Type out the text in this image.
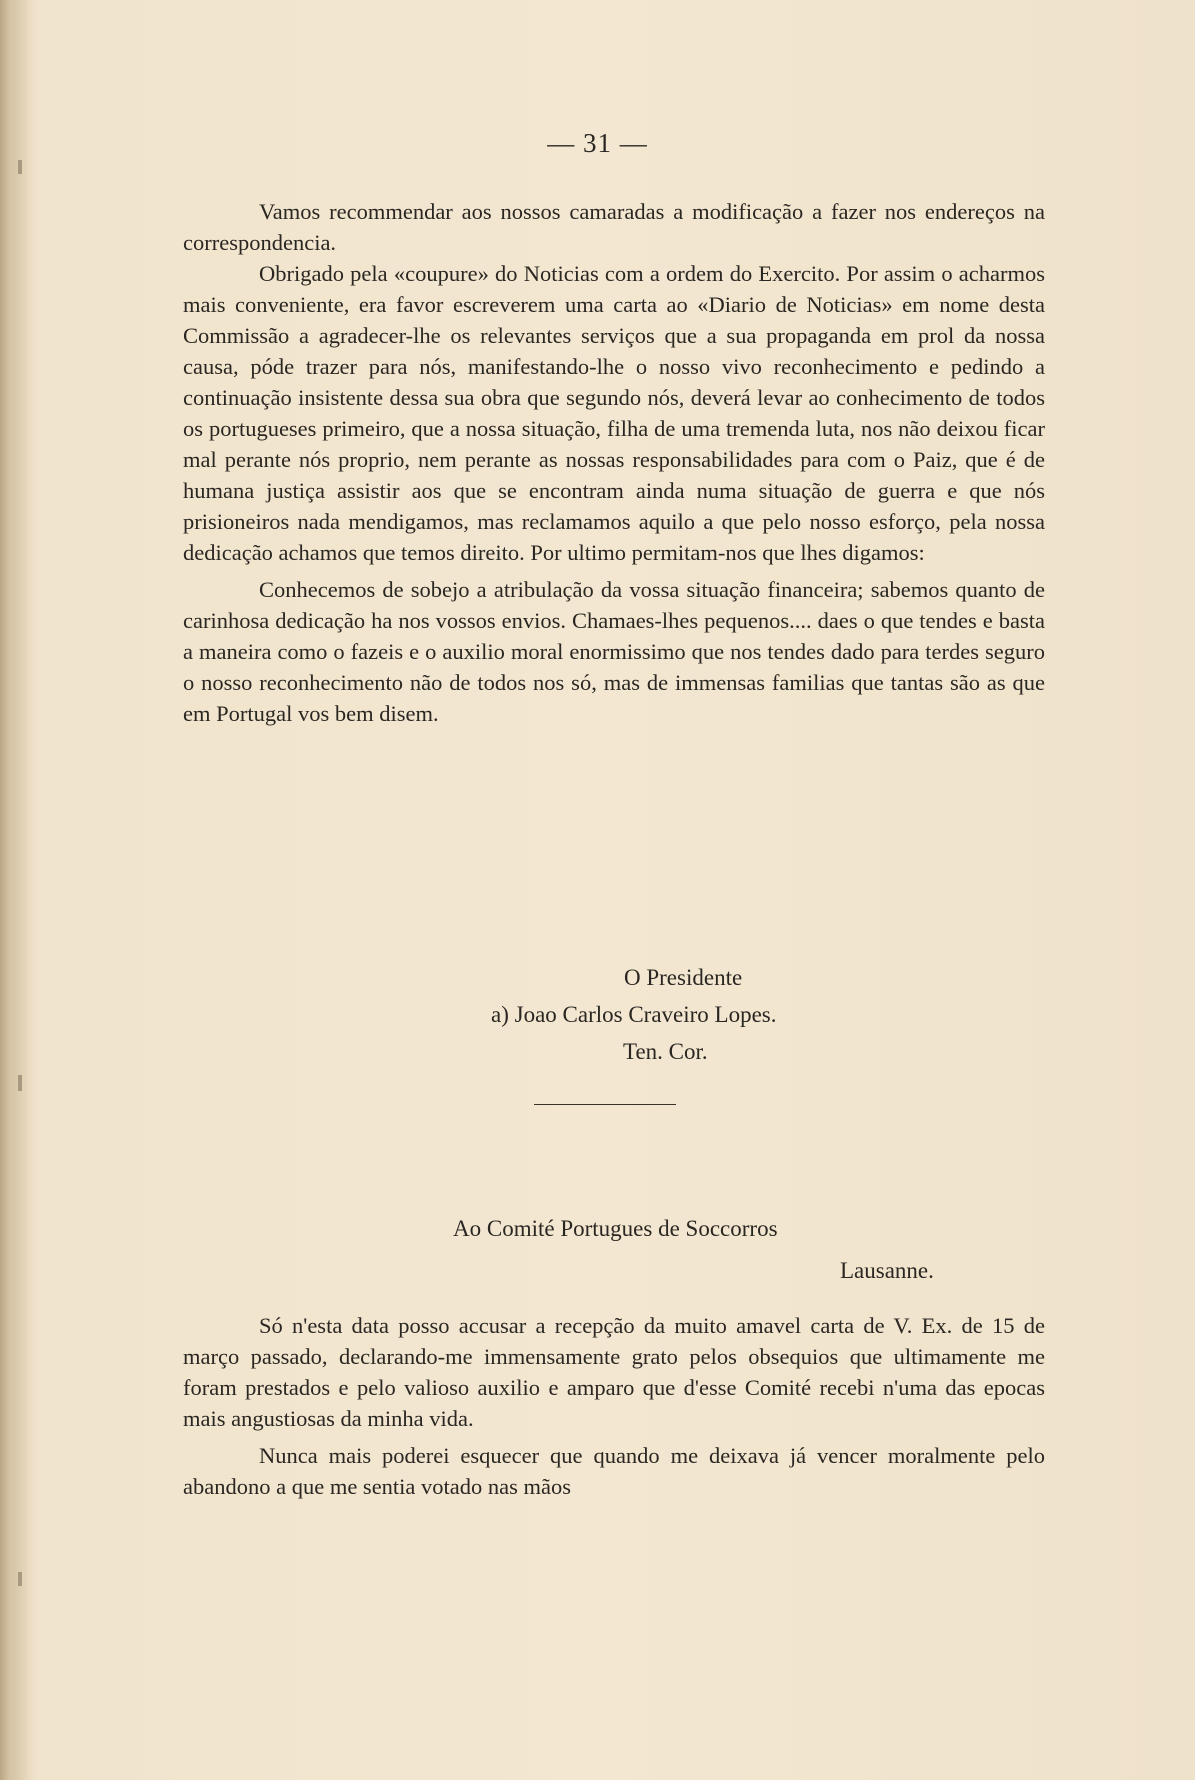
— 31 —

Vamos recommendar aos nossos camaradas a modificação a fazer nos endereços na correspondencia.

Obrigado pela «coupure» do Noticias com a ordem do Exercito. Por assim o acharmos mais conveniente, era favor escreverem uma carta ao «Diario de Noticias» em nome desta Commissão a agradecer-lhe os relevantes serviços que a sua propaganda em prol da nossa causa, póde trazer para nós, manifestando-lhe o nosso vivo reconhecimento e pedindo a continuação insistente dessa sua obra que segundo nós, deverá levar ao conhecimento de todos os portugueses primeiro, que a nossa situação, filha de uma tremenda luta, nos não deixou ficar mal perante nós proprio, nem perante as nossas responsabilidades para com o Paiz, que é de humana justiça assistir aos que se encontram ainda numa situação de guerra e que nós prisioneiros nada mendigamos, mas reclamamos aquilo a que pelo nosso esforço, pela nossa dedicação achamos que temos direito. Por ultimo permitam-nos que lhes digamos:

Conhecemos de sobejo a atribulação da vossa situação financeira; sabemos quanto de carinhosa dedicação ha nos vossos envios. Chamaes-lhes pequenos.... daes o que tendes e basta a maneira como o fazeis e o auxilio moral enormissimo que nos tendes dado para terdes seguro o nosso reconhecimento não de todos nos só, mas de immensas familias que tantas são as que em Portugal vos bem disem.

O Presidente
a) Joao Carlos Craveiro Lopes.
Ten. Cor.
Ao Comité Portugues de Soccorros
Lausanne.

Só n'esta data posso accusar a recepção da muito amavel carta de V. Ex. de 15 de março passado, declarando-me immensamente grato pelos obsequios que ultimamente me foram prestados e pelo valioso auxilio e amparo que d'esse Comité recebi n'uma das epocas mais angustiosas da minha vida.

Nunca mais poderei esquecer que quando me deixava já vencer moralmente pelo abandono a que me sentia votado nas mãos
